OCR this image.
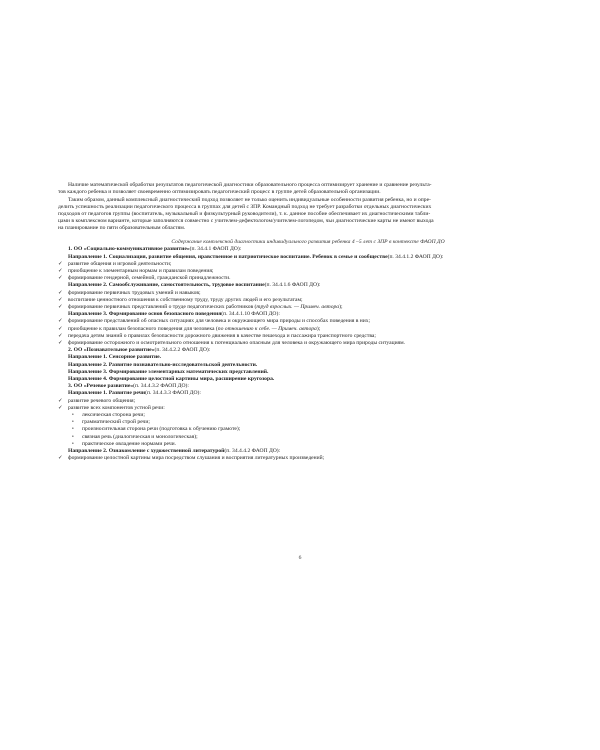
Наличие математической обработки результатов педагогической диагностики образовательного процесса оптимизирует хранение и сравнение результа-
тов каждого ребенка и позволяет своевременно оптимизировать педагогический процесс в группе детей образовательной организации.
Таким образом, данный комплексный диагностический подход позволяет не только оценить индивидуальные особенности развития ребенка, но и опре-
делить успешность реализации педагогического процесса в группах для детей с ЗПР. Командный подход не требует разработки отдельных диагностических
подходов от педагогов группы (воспитатель, музыкальный и физкультурный руководители), т. к. данное пособие обеспечивает их диагностическими табли-
цами в комплексном варианте, которые заполняются совместно с учителем-дефектологом/учителем-логопедом, чьи диагностические карты не имеют выхода
на планирование по пяти образовательным областям.
Содержание комплексной диагностики индивидуального развития ребенка 4 –5 лет с ЗПР в контексте ФАОП ДО
1. ОО «Социально-коммуникативное развитие» (п. 34.4.1 ФАОП ДО):
Направление 1. Социализация, развитие общения, нравственное и патриотическое воспитание. Ребенок в семье и сообществе (п. 34.4.1.2 ФАОП ДО):
✓ развитие общения и игровой деятельности;
✓ приобщение к элементарным нормам и правилам поведения;
✓ формирование гендерной, семейной, гражданской принадлежности.
Направление 2. Самообслуживание, самостоятельность, трудовое воспитание (п. 34.4.1.6 ФАОП ДО):
✓ формирование первичных трудовых умений и навыков;
✓ воспитание ценностного отношения к собственному труду, труду других людей и его результатам;
✓ формирование первичных представлений о труде педагогических работников (труд взрослых. — Примеч. автора);
Направление 3. Формирование основ безопасного поведения (п. 34.4.1.10 ФАОП ДО):
✓ формирование представлений об опасных ситуациях для человека и окружающего мира природы и способах поведения в них;
✓ приобщение к правилам безопасного поведения для человека (по отношению к себе. — Примеч. автора);
✓ передача детям знаний о правилах безопасности дорожного движения в качестве пешехода и пассажира транспортного средства;
✓ формирование осторожного и осмотрительного отношения к потенциально опасным для человека и окружающего мира природы ситуациям.
2. ОО «Познавательное развитие» (п. 34.4.2.2 ФАОП ДО):
Направление 1. Сенсорное развитие.
Направление 2. Развитие познавательно-исследовательской деятельности.
Направление 3. Формирование элементарных математических представлений.
Направление 4. Формирование целостной картины мира, расширение кругозора.
3. ОО «Речевое развитие» (п. 34.4.3.2 ФАОП ДО):
Направление 1. Развитие речи (п. 34.4.3.3 ФАОП ДО):
✓ развитие речевого общения;
✓ развитие всех компонентов устной речи:
•	лексическая сторона речи;
•	грамматический строй речи;
•	произносительная сторона речи (подготовка к обучению грамоте);
•	связная речь (диалогическая и монологическая);
•	практическое овладение нормами речи.
Направление 2. Ознакомление с художественной литературой (п. 34.4.4.2 ФАОП ДО):
✓ формирование целостной картины мира посредством слушания и восприятия литературных произведений;
6
